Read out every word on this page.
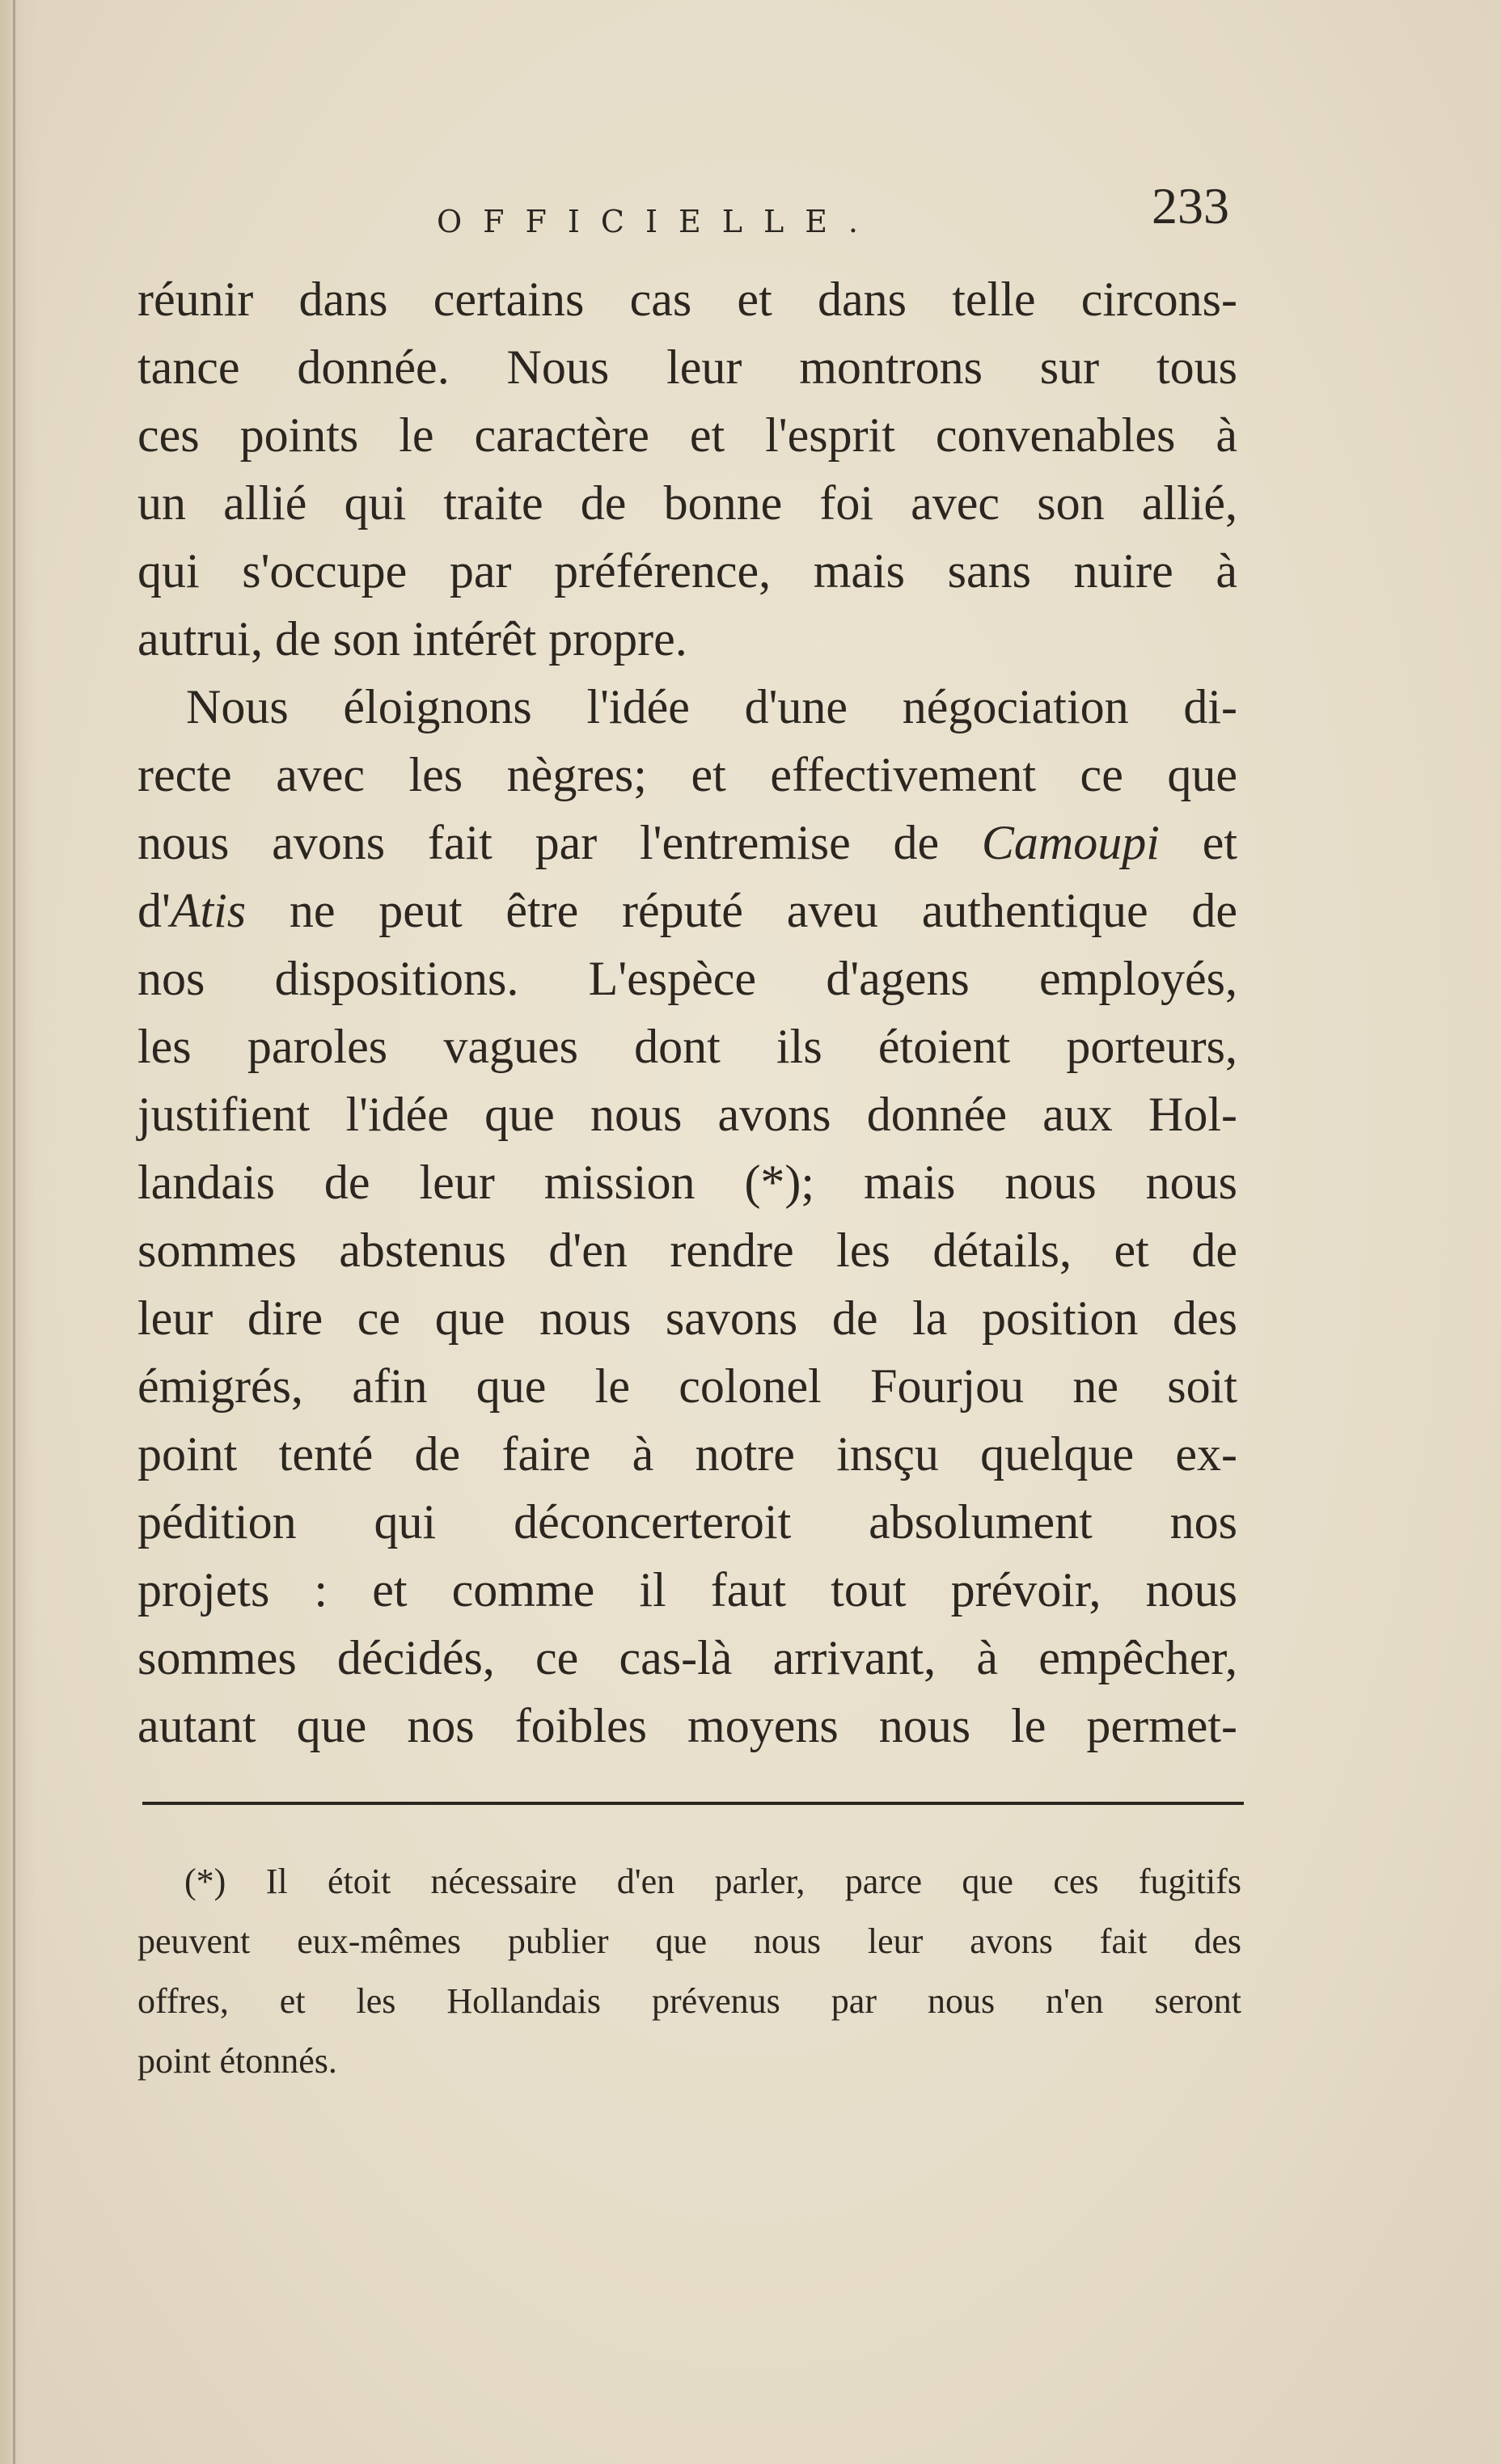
OFFICIELLE.	233
réunir dans certains cas et dans telle circons-
tance donnée. Nous leur montrons sur tous
ces points le caractère et l'esprit convenables à
un allié qui traite de bonne foi avec son allié,
qui s'occupe par préférence, mais sans nuire à
autrui, de son intérêt propre.
Nous éloignons l'idée d'une négociation di-
recte avec les nègres; et effectivement ce que
nous avons fait par l'entremise de Camoupi et
d'Atis ne peut être réputé aveu authentique de
nos dispositions. L'espèce d'agens employés,
les paroles vagues dont ils étoient porteurs,
justifient l'idée que nous avons donnée aux Hol-
landais de leur mission (*); mais nous nous
sommes abstenus d'en rendre les détails, et de
leur dire ce que nous savons de la position des
émigrés, afin que le colonel Fourjou ne soit
point tenté de faire à notre insçu quelque ex-
pédition qui déconcerteroit absolument nos
projets : et comme il faut tout prévoir, nous
sommes décidés, ce cas-là arrivant, à empêcher,
autant que nos foibles moyens nous le permet-
(*) Il étoit nécessaire d'en parler, parce que ces fugitifs
peuvent eux-mêmes publier que nous leur avons fait des
offres, et les Hollandais prévenus par nous n'en seront
point étonnés.
